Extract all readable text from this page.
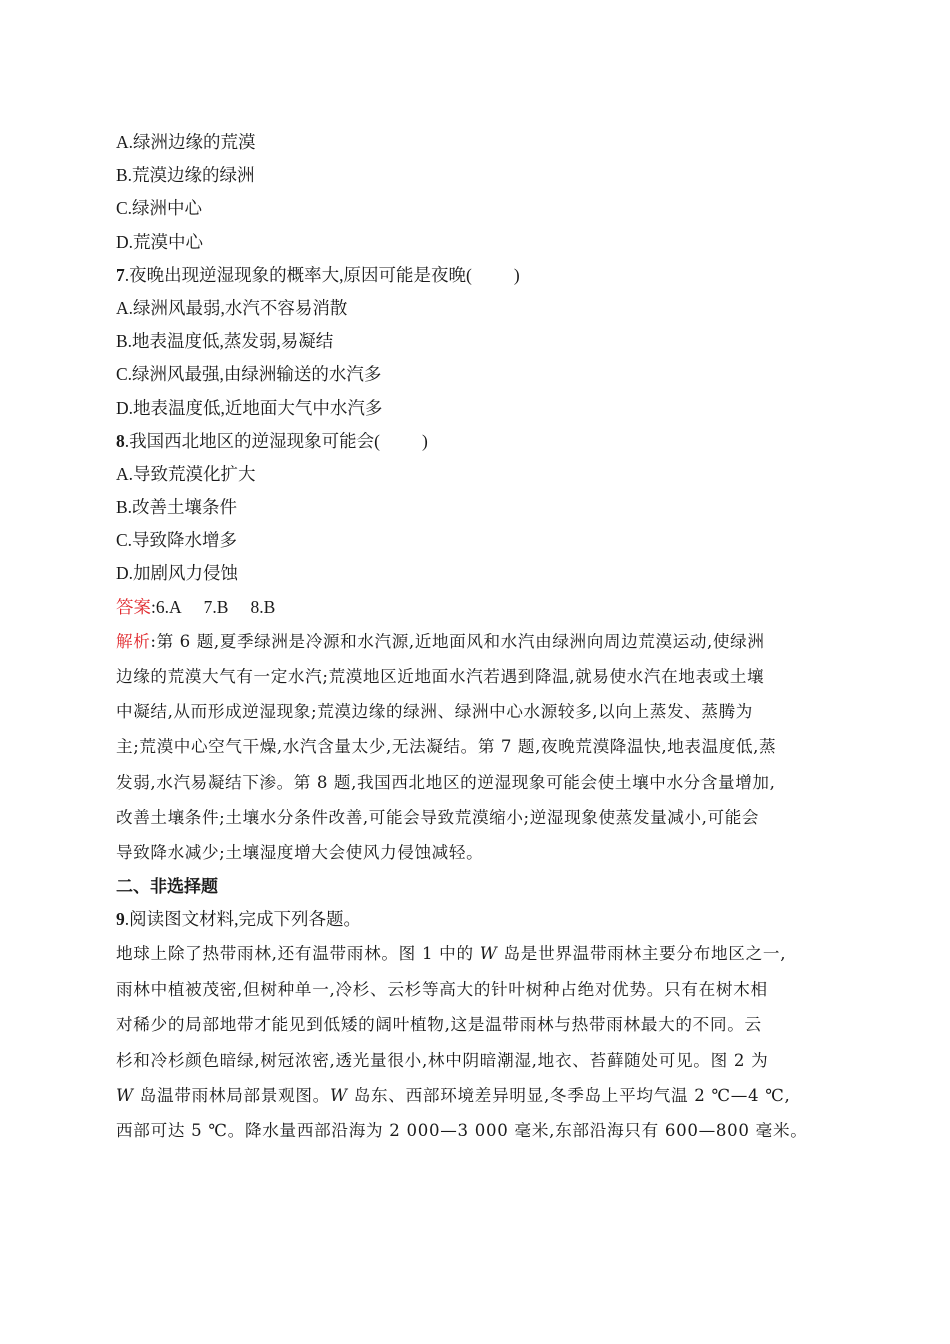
A.绿洲边缘的荒漠
B.荒漠边缘的绿洲
C.绿洲中心
D.荒漠中心
7.夜晚出现逆湿现象的概率大,原因可能是夜晚( )
A.绿洲风最弱,水汽不容易消散
B.地表温度低,蒸发弱,易凝结
C.绿洲风最强,由绿洲输送的水汽多
D.地表温度低,近地面大气中水汽多
8.我国西北地区的逆湿现象可能会( )
A.导致荒漠化扩大
B.改善土壤条件
C.导致降水增多
D.加剧风力侵蚀
答案:6.A 7.B 8.B
解析:第 6 题,夏季绿洲是冷源和水汽源,近地面风和水汽由绿洲向周边荒漠运动,使绿洲
边缘的荒漠大气有一定水汽;荒漠地区近地面水汽若遇到降温,就易使水汽在地表或土壤
中凝结,从而形成逆湿现象;荒漠边缘的绿洲、绿洲中心水源较多,以向上蒸发、蒸腾为
主;荒漠中心空气干燥,水汽含量太少,无法凝结。第 7 题,夜晚荒漠降温快,地表温度低,蒸
发弱,水汽易凝结下渗。第 8 题,我国西北地区的逆湿现象可能会使土壤中水分含量增加,
改善土壤条件;土壤水分条件改善,可能会导致荒漠缩小;逆湿现象使蒸发量减小,可能会
导致降水减少;土壤湿度增大会使风力侵蚀减轻。
二、非选择题
9.阅读图文材料,完成下列各题。
地球上除了热带雨林,还有温带雨林。图 1 中的 W 岛是世界温带雨林主要分布地区之一,
雨林中植被茂密,但树种单一,冷杉、云杉等高大的针叶树种占绝对优势。只有在树木相
对稀少的局部地带才能见到低矮的阔叶植物,这是温带雨林与热带雨林最大的不同。云
杉和冷杉颜色暗绿,树冠浓密,透光量很小,林中阴暗潮湿,地衣、苔藓随处可见。图 2 为
W 岛温带雨林局部景观图。W 岛东、西部环境差异明显,冬季岛上平均气温 2 ℃—4 ℃,
西部可达 5 ℃。降水量西部沿海为 2 000—3 000 毫米,东部沿海只有 600—800 毫米。
